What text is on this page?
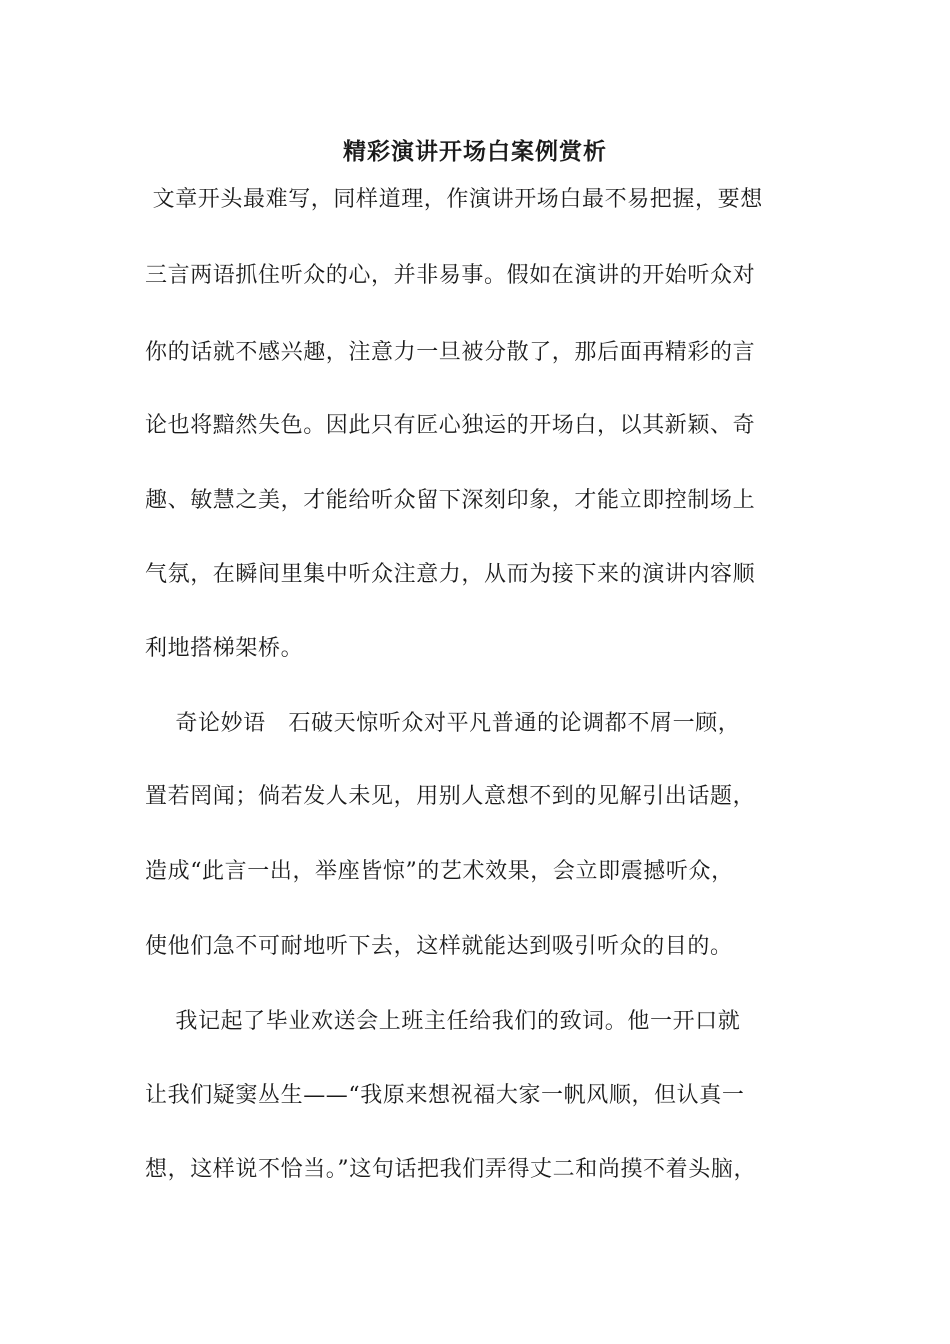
精彩演讲开场白案例赏析
文章开头最难写，同样道理，作演讲开场白最不易把握，要想
三言两语抓住听众的心，并非易事。假如在演讲的开始听众对
你的话就不感兴趣，注意力一旦被分散了，那后面再精彩的言
论也将黯然失色。因此只有匠心独运的开场白，以其新颖、奇
趣、敏慧之美，才能给听众留下深刻印象，才能立即控制场上
气氛，在瞬间里集中听众注意力，从而为接下来的演讲内容顺
利地搭梯架桥。
奇论妙语　石破天惊听众对平凡普通的论调都不屑一顾，
置若罔闻；倘若发人未见，用别人意想不到的见解引出话题，
造成“此言一出，举座皆惊”的艺术效果，会立即震撼听众，
使他们急不可耐地听下去，这样就能达到吸引听众的目的。
我记起了毕业欢送会上班主任给我们的致词。他一开口就
让我们疑窦丛生——“我原来想祝福大家一帆风顺，但认真一
想，这样说不恰当。”这句话把我们弄得丈二和尚摸不着头脑，
